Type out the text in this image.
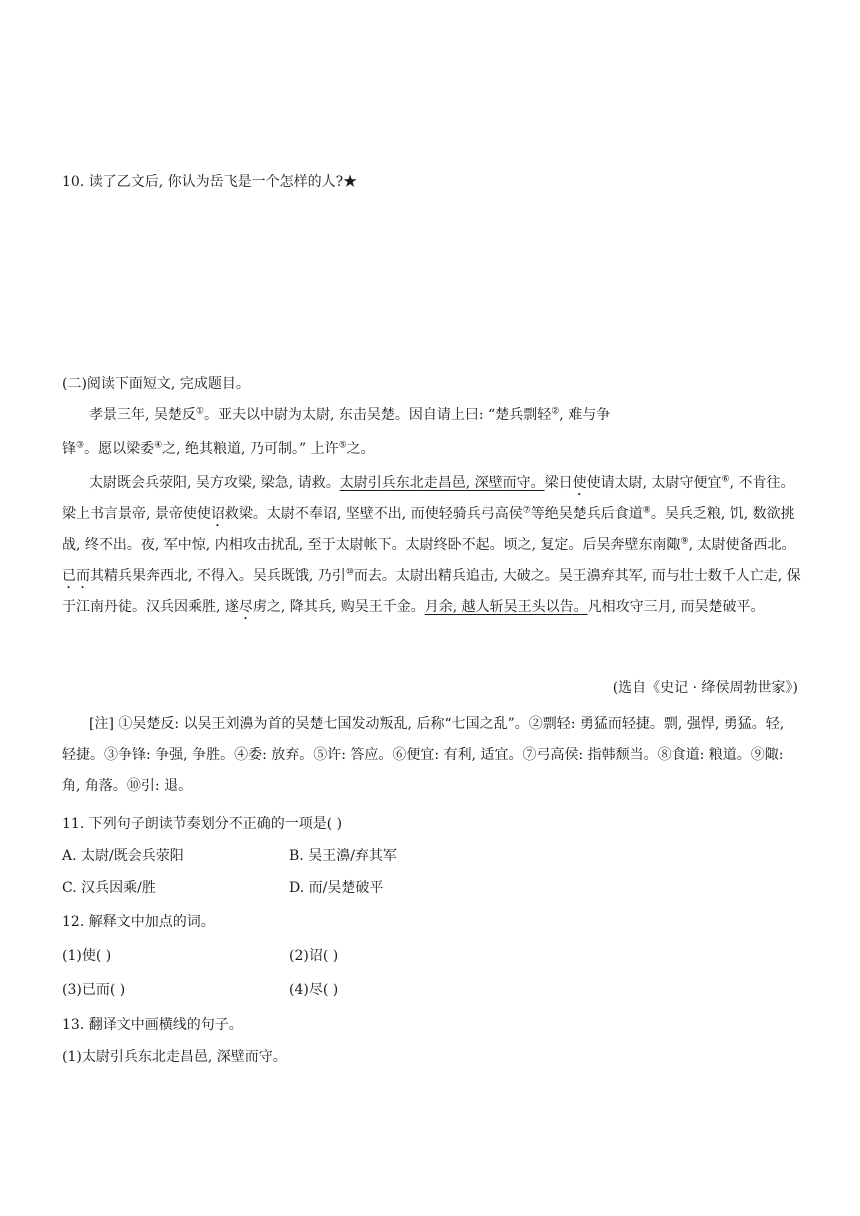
10. 读了乙文后, 你认为岳飞是一个怎样的人?★
(二)阅读下面短文, 完成题目。
孝景三年, 吴楚反①。亚夫以中尉为太尉, 东击吴楚。因自请上曰: “楚兵剽轻②, 难与争
锋③。愿以梁委④之, 绝其粮道, 乃可制。” 上许⑤之。

太尉既会兵荥阳, 吴方攻梁, 梁急, 请救。太尉引兵东北走昌邑, 深壁而守。梁日使使请太尉, 太尉守便宜⑥, 不肯往。梁上书言景帝, 景帝使使诏救梁。太尉不奉诏, 坚壁不出, 而使轻骑兵弓高侯⑦等绝吴楚兵后食道⑧。吴兵乏粮, 饥, 数欲挑战, 终不出。夜, 军中惊, 内相攻击扰乱, 至于太尉帐下。太尉终卧不起。顷之, 复定。后吴奔壁东南陬⑨, 太尉使备西北。已而其精兵果奔西北, 不得入。吴兵既饿, 乃引⑩而去。太尉出精兵追击, 大破之。吴王濞弃其军, 而与壮士数千人亡走, 保于江南丹徒。汉兵因乘胜, 遂尽虏之, 降其兵, 购吴王千金。月余, 越人斩吴王头以告。凡相攻守三月, 而吴楚破平。

(选自《史记 · 绛侯周勃世家》)
[注] ①吴楚反: 以吴王刘濞为首的吴楚七国发动叛乱, 后称“七国之乱”。②剽轻: 勇猛而轻捷。剽, 强悍, 勇猛。轻, 轻捷。③争锋: 争强, 争胜。④委: 放弃。⑤许: 答应。⑥便宜: 有利, 适宜。⑦弓高侯: 指韩颓当。⑧食道: 粮道。⑨陬: 角, 角落。⑩引: 退。
11. 下列句子朗读节奏划分不正确的一项是( )
A. 太尉/既会兵荥阳	B. 吴王濞/弃其军
C. 汉兵因乘/胜	D. 而/吴楚破平
12. 解释文中加点的词。
(1)使( )	(2)诏( )
(3)已而( )	(4)尽( )
13. 翻译文中画横线的句子。
(1)太尉引兵东北走昌邑, 深壁而守。
